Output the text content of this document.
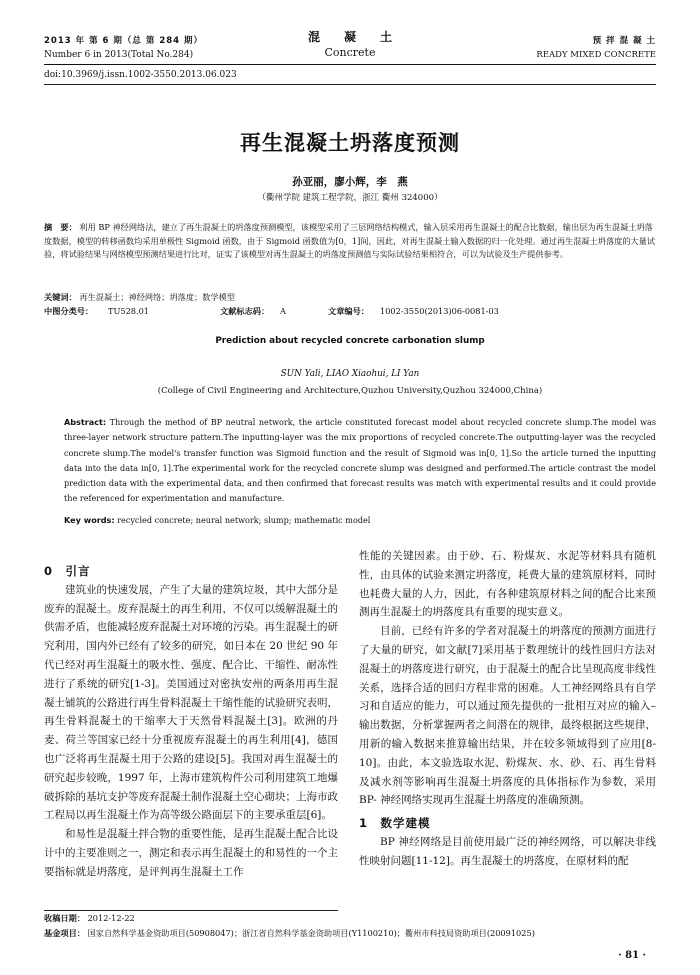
2013 年 第 6 期（总 第 284 期）
Number 6 in 2013(Total No.284)
混　　凝　　土
Concrete
预 拌 混 凝 土
READY MIXED CONCRETE
doi:10.3969/j.issn.1002-3550.2013.06.023
再生混凝土坍落度预测
孙亚丽，廖小辉，李　燕
（衢州学院 建筑工程学院，浙江 衢州 324000）
摘　要： 利用 BP 神经网络法，建立了再生混凝土的坍落度预测模型，该模型采用了三层网络结构模式，输入层采用再生混凝土的配合比数据，输出层为再生混凝土坍落度数据，模型的转移函数均采用单极性 Sigmoid 函数，由于 Sigmoid 函数值为[0，1]间，因此，对再生混凝土输入数据的归一化处理。通过再生混凝土坍落度的大量试验，将试验结果与网络模型预测结果进行比对，证实了该模型对再生混凝土的坍落度预测值与实际试验结果相符合，可以为试验及生产提供参考。
关键词： 再生混凝土；神经网络；坍落度；数学模型
中图分类号： TU528.01	文献标志码： A	文章编号： 1002-3550(2013)06-0081-03
Prediction about recycled concrete carbonation slump
SUN Yali, LIAO Xiaohui, LI Yan
(College of Civil Engineering and Architecture,Quzhou University,Quzhou 324000,China)
Abstract: Through the method of BP neutral network, the article constituted forecast model about recycled concrete slump.The model was three-layer network structure pattern.The inputting-layer was the mix proportions of recycled concrete.The outputting-layer was the recycled concrete slump.The model's transfer function was Sigmoid function and the result of Sigmoid was in[0, 1].So the article turned the inputting data into the data in[0, 1].The experimental work for the recycled concrete slump was designed and performed.The article contrast the model prediction data with the experimental data, and then confirmed that forecast results was match with experimental results and it could provide the referenced for experimentation and manufacture.
Key words: recycled concrete; neural network; slump; mathematic model
0　引言

建筑业的快速发展，产生了大量的建筑垃圾，其中大部分是废弃的混凝土。废弃混凝土的再生利用，不仅可以缓解混凝土的供需矛盾，也能减轻废弃混凝土对环境的污染。再生混凝土的研究利用，国内外已经有了较多的研究，如日本在 20 世纪 90 年代已经对再生混凝土的吸水性、强度、配合比、干缩性、耐冻性进行了系统的研究[1-3]。美国通过对密执安州的两条用再生混凝土铺筑的公路进行再生骨料混凝土干缩性能的试验研究表明，再生骨料混凝土的干缩率大于天然骨料混凝土[3]。欧洲的丹麦、荷兰等国家已经十分重视废弃混凝土的再生利用[4]，德国也广泛将再生混凝土用于公路的建设[5]。我国对再生混凝土的研究起步较晚，1997 年，上海市建筑构件公司利用建筑工地爆破拆除的基坑支护等废弃混凝土制作混凝土空心砌块；上海市政工程局以再生混凝土作为高等级公路面层下的主要承重层[6]。

和易性是混凝土拌合物的重要性能，是再生混凝土配合比设计中的主要准则之一，测定和表示再生混凝土的和易性的一个主要指标就是坍落度，是评判再生混凝土工作

性能的关键因素。由于砂、石、粉煤灰、水泥等材料具有随机性，由具体的试验来测定坍落度，耗费大量的建筑原材料，同时也耗费大量的人力，因此，有各种建筑原材料之间的配合比来预测再生混凝土的坍落度具有重要的现实意义。

目前，已经有许多的学者对混凝土的坍落度的预测方面进行了大量的研究，如文献[7]采用基于数理统计的线性回归方法对混凝土的坍落度进行研究，由于混凝土的配合比呈现高度非线性关系，选择合适的回归方程非常的困难。人工神经网络具有自学习和自适应的能力，可以通过预先提供的一批相互对应的输入–输出数据，分析掌握两者之间潜在的规律，最终根据这些规律，用新的输入数据来推算输出结果，并在较多领域得到了应用[8-10]。由此，本文验选取水泥、粉煤灰、水、砂、石、再生骨料及减水剂等影响再生混凝土坍落度的具体指标作为参数，采用 BP- 神经网络实现再生混凝土坍落度的准确预测。

1　数学建模

BP 神经网络是目前使用最广泛的神经网络，可以解决非线性映射问题[11-12]。再生混凝土的坍落度，在原材料的配

收稿日期： 2012-12-22
基金项目： 国家自然科学基金资助项目(50908047)；浙江省自然科学基金资助项目(Y1100210)；衢州市科技局资助项目(20091025)
· 81 ·
